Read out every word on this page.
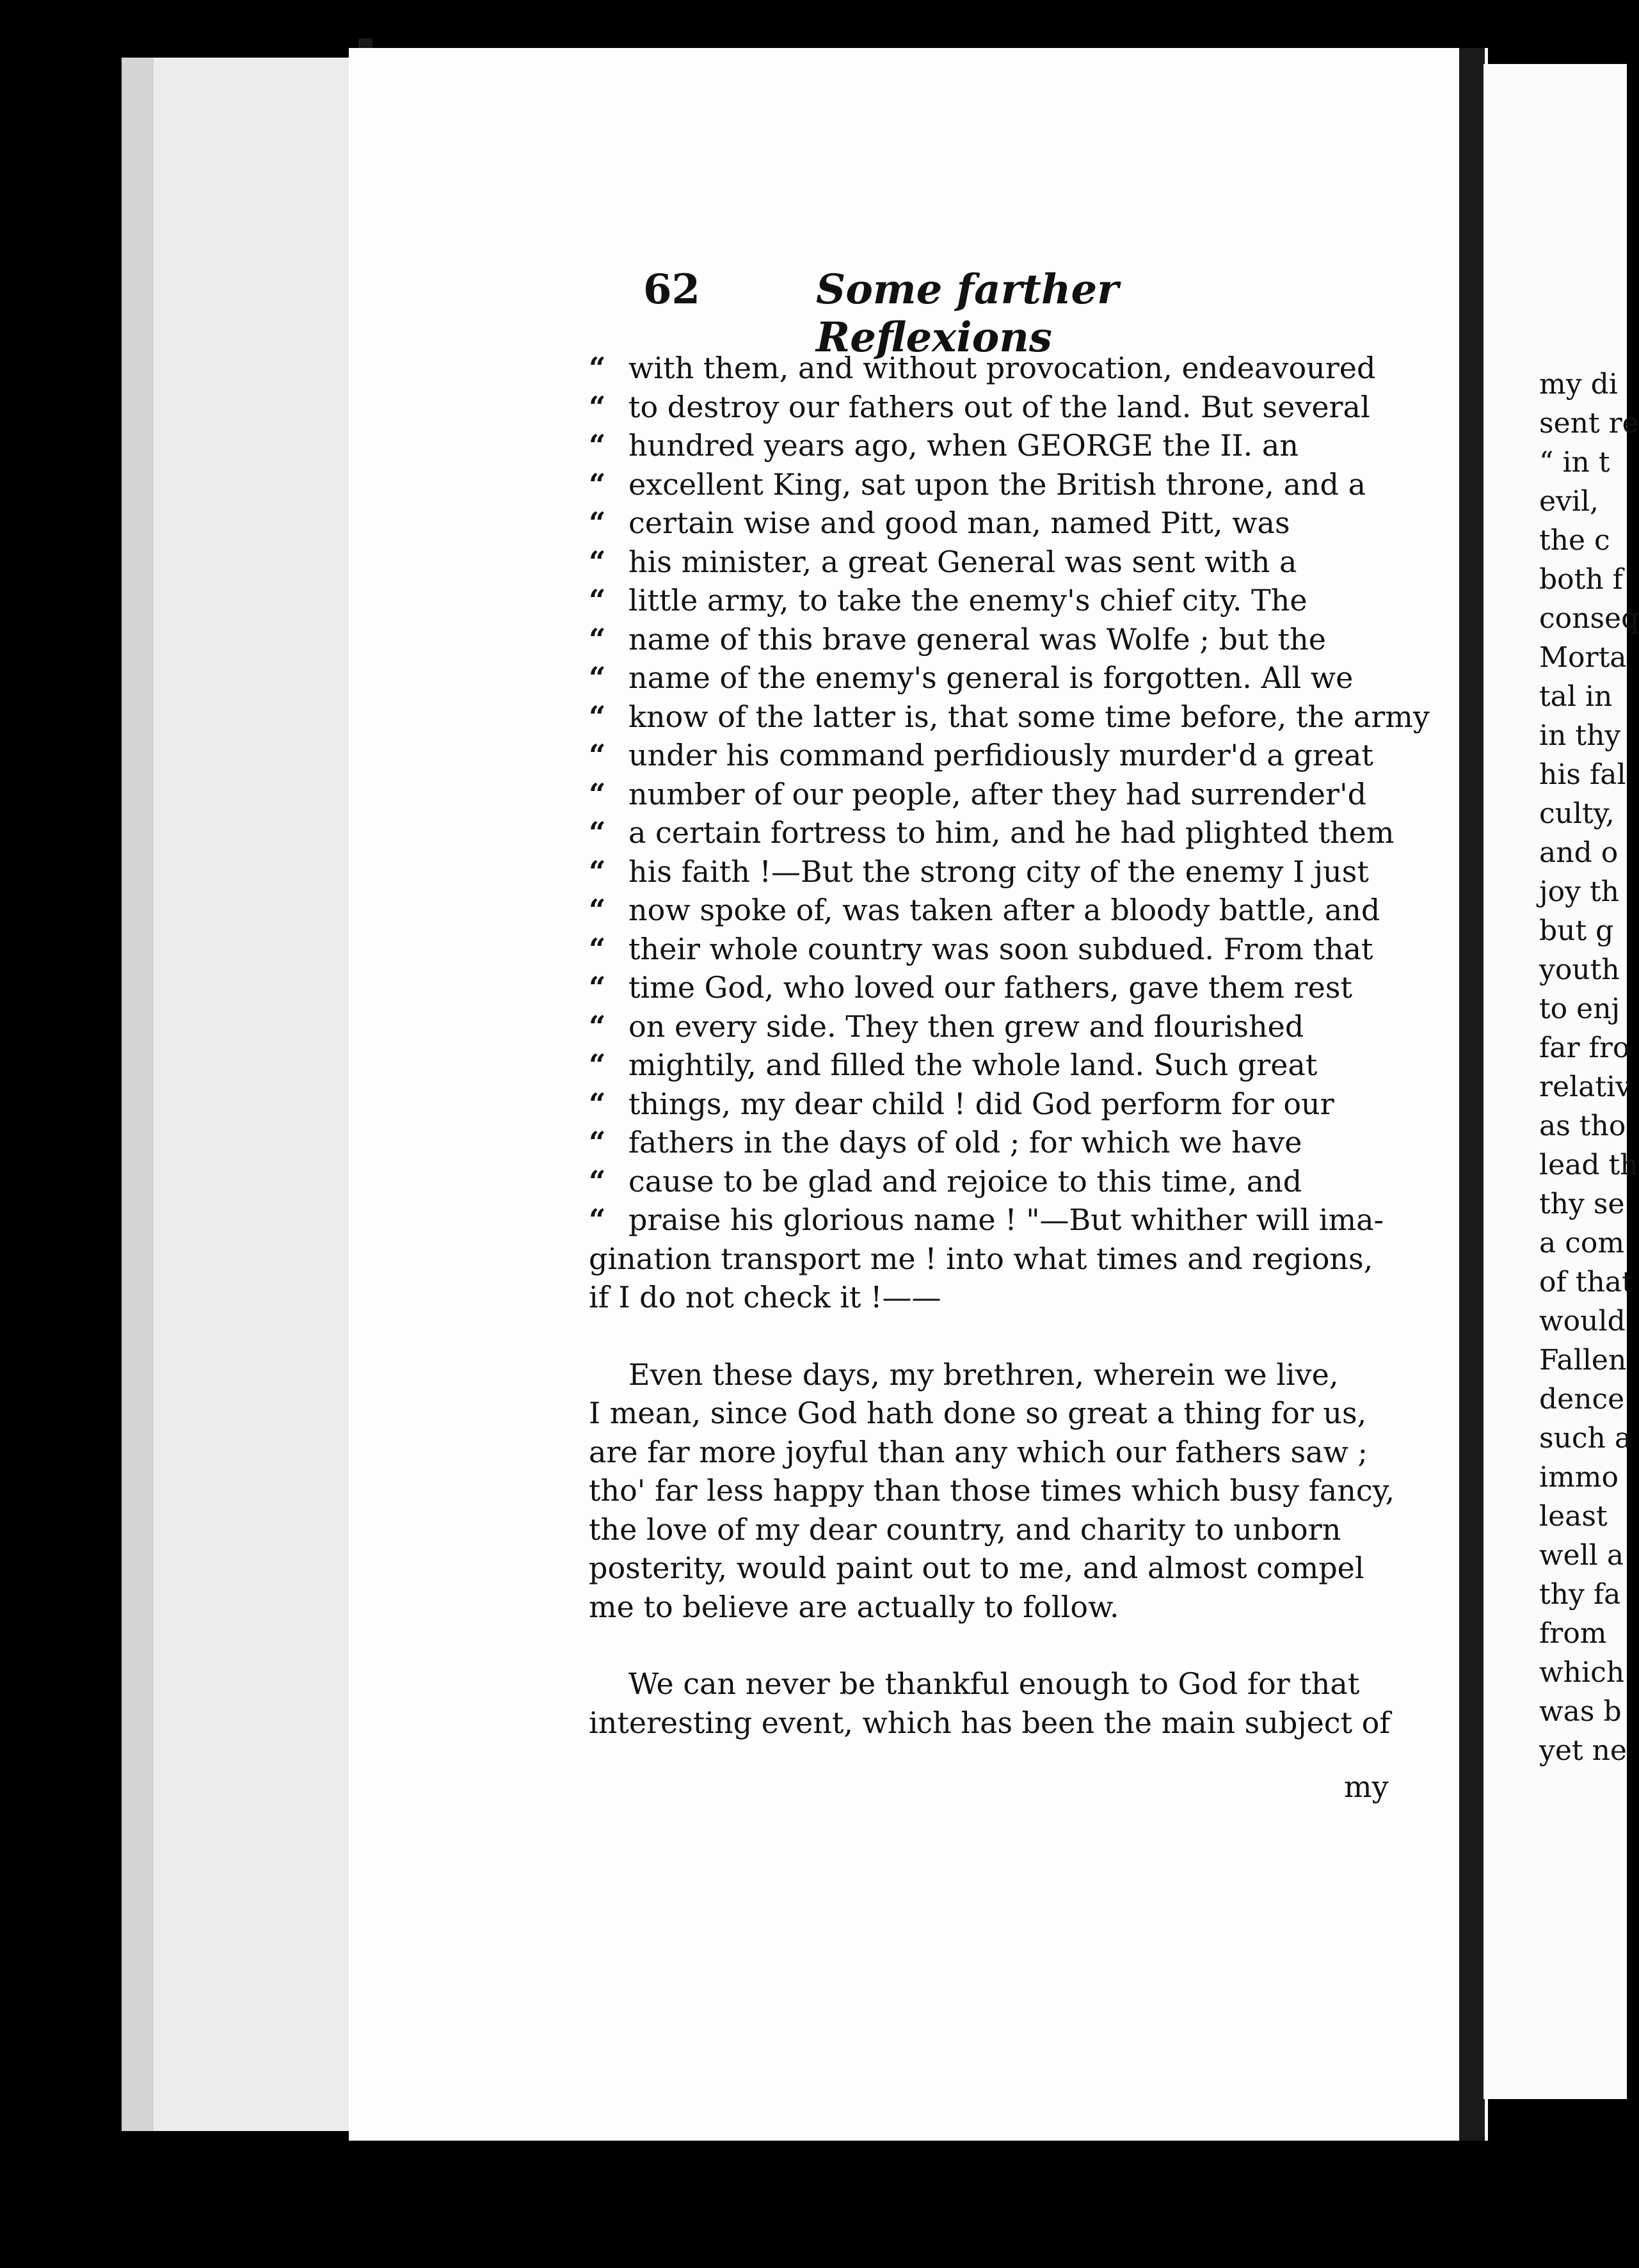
62	Some farther Reflexions
“ with them, and without provocation, endeavoured
“ to destroy our fathers out of the land. But several
“ hundred years ago, when GEORGE the II. an
“ excellent King, sat upon the British throne, and a
“ certain wise and good man, named Pitt, was
“ his minister, a great General was sent with a
“ little army, to take the enemy's chief city. The
“ name of this brave general was Wolfe ; but the
“ name of the enemy's general is forgotten. All we
“ know of the latter is, that some time before, the army
“ under his command perfidiously murder'd a great
“ number of our people, after they had surrender'd
“ a certain fortress to him, and he had plighted them
“ his faith !—But the strong city of the enemy I just
“ now spoke of, was taken after a bloody battle, and
“ their whole country was soon subdued. From that
“ time God, who loved our fathers, gave them rest
“ on every side. They then grew and flourished
“ mightily, and filled the whole land. Such great
“ things, my dear child ! did God perform for our
“ fathers in the days of old ; for which we have
“ cause to be glad and rejoice to this time, and
“ praise his glorious name ! "—But whither will ima-
gination transport me ! into what times and regions,
if I do not check it !——
Even these days, my brethren, wherein we live,
I mean, since God hath done so great a thing for us,
are far more joyful than any which our fathers saw ;
tho' far less happy than those times which busy fancy,
the love of my dear country, and charity to unborn
posterity, would paint out to me, and almost compel
me to believe are actually to follow.
We can never be thankful enough to God for that
interesting event, which has been the main subject of
my
my di
sent re
“ in t
evil,
the c
both f
conseq
Morta
tal in
in thy
his fal
culty,
and o
joy th
but g
youth
to enj
far fro
relativ
as tho
lead th
thy se
a com
of that
would
Fallen
dence
such a
immo
least
well a
thy fa
from
which
was b
yet ne
